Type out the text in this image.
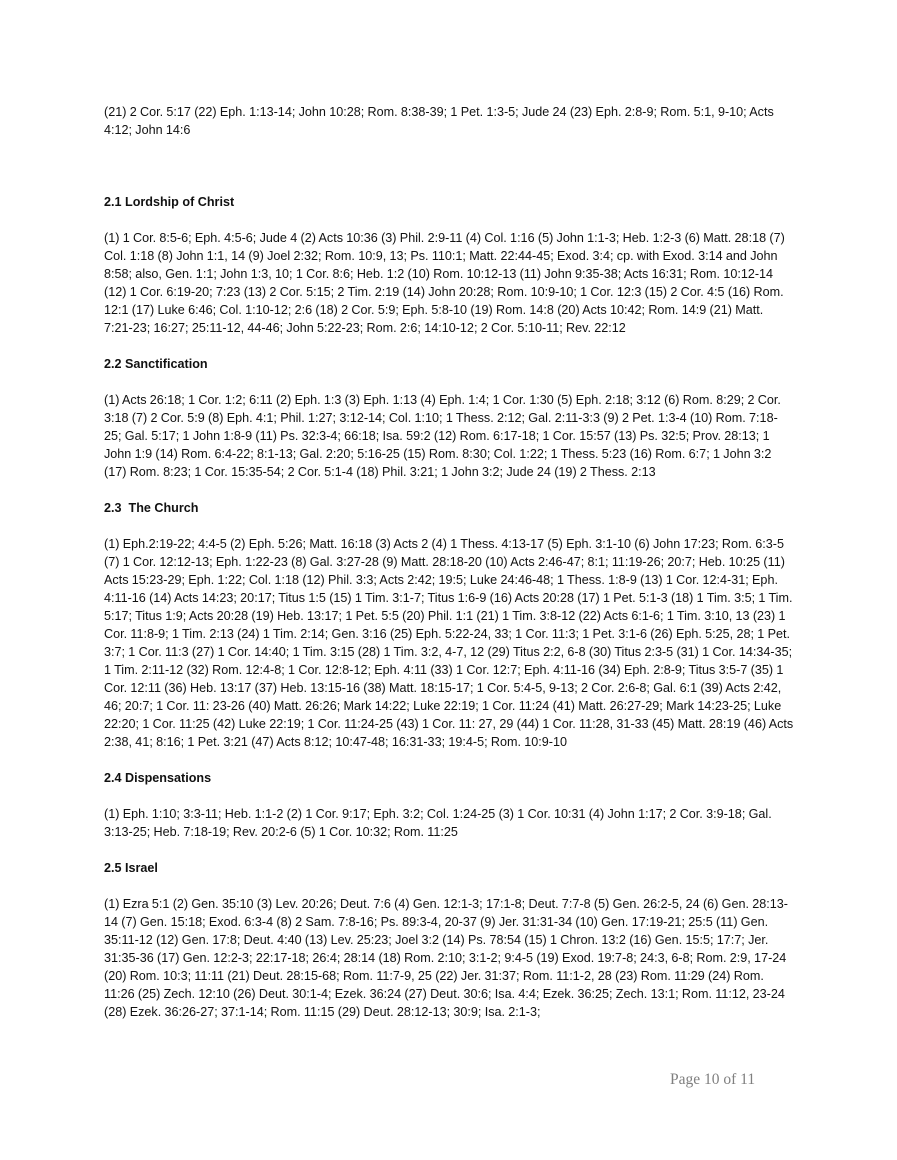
(21) 2 Cor. 5:17 (22) Eph. 1:13-14; John 10:28; Rom. 8:38-39; 1 Pet. 1:3-5; Jude 24 (23) Eph. 2:8-9; Rom. 5:1, 9-10; Acts 4:12; John 14:6

2.1 Lordship of Christ

(1) 1 Cor. 8:5-6; Eph. 4:5-6; Jude 4 (2) Acts 10:36 (3) Phil. 2:9-11 (4) Col. 1:16 (5) John 1:1-3; Heb. 1:2-3 (6) Matt. 28:18 (7) Col. 1:18 (8) John 1:1, 14 (9) Joel 2:32; Rom. 10:9, 13; Ps. 110:1; Matt. 22:44-45; Exod. 3:4; cp. with Exod. 3:14 and John 8:58; also, Gen. 1:1; John 1:3, 10; 1 Cor. 8:6; Heb. 1:2 (10) Rom. 10:12-13 (11) John 9:35-38; Acts 16:31; Rom. 10:12-14 (12) 1 Cor. 6:19-20; 7:23 (13) 2 Cor. 5:15; 2 Tim. 2:19 (14) John 20:28; Rom. 10:9-10; 1 Cor. 12:3 (15) 2 Cor. 4:5 (16) Rom. 12:1 (17) Luke 6:46; Col. 1:10-12; 2:6 (18) 2 Cor. 5:9; Eph. 5:8-10 (19) Rom. 14:8 (20) Acts 10:42; Rom. 14:9 (21) Matt. 7:21-23; 16:27; 25:11-12, 44-46; John 5:22-23; Rom. 2:6; 14:10-12; 2 Cor. 5:10-11; Rev. 22:12

2.2 Sanctification

(1) Acts 26:18; 1 Cor. 1:2; 6:11 (2) Eph. 1:3 (3) Eph. 1:13 (4) Eph. 1:4; 1 Cor. 1:30 (5) Eph. 2:18; 3:12 (6) Rom. 8:29; 2 Cor. 3:18 (7) 2 Cor. 5:9 (8) Eph. 4:1; Phil. 1:27; 3:12-14; Col. 1:10; 1 Thess. 2:12; Gal. 2:11-3:3 (9) 2 Pet. 1:3-4 (10) Rom. 7:18-25; Gal. 5:17; 1 John 1:8-9 (11) Ps. 32:3-4; 66:18; Isa. 59:2 (12) Rom. 6:17-18; 1 Cor. 15:57 (13) Ps. 32:5; Prov. 28:13; 1 John 1:9 (14) Rom. 6:4-22; 8:1-13; Gal. 2:20; 5:16-25 (15) Rom. 8:30; Col. 1:22; 1 Thess. 5:23 (16) Rom. 6:7; 1 John 3:2 (17) Rom. 8:23; 1 Cor. 15:35-54; 2 Cor. 5:1-4 (18) Phil. 3:21; 1 John 3:2; Jude 24 (19) 2 Thess. 2:13

2.3  The Church

(1) Eph.2:19-22; 4:4-5 (2) Eph. 5:26; Matt. 16:18 (3) Acts 2 (4) 1 Thess. 4:13-17 (5) Eph. 3:1-10 (6) John 17:23; Rom. 6:3-5 (7) 1 Cor. 12:12-13; Eph. 1:22-23 (8) Gal. 3:27-28 (9) Matt. 28:18-20 (10) Acts 2:46-47; 8:1; 11:19-26; 20:7; Heb. 10:25 (11) Acts 15:23-29; Eph. 1:22; Col. 1:18 (12) Phil. 3:3; Acts 2:42; 19:5; Luke 24:46-48; 1 Thess. 1:8-9 (13) 1 Cor. 12:4-31; Eph. 4:11-16 (14) Acts 14:23; 20:17; Titus 1:5 (15) 1 Tim. 3:1-7; Titus 1:6-9 (16) Acts 20:28 (17) 1 Pet. 5:1-3 (18) 1 Tim. 3:5; 1 Tim. 5:17; Titus 1:9; Acts 20:28 (19) Heb. 13:17; 1 Pet. 5:5 (20) Phil. 1:1 (21) 1 Tim. 3:8-12 (22) Acts 6:1-6; 1 Tim. 3:10, 13 (23) 1 Cor. 11:8-9; 1 Tim. 2:13 (24) 1 Tim. 2:14; Gen. 3:16 (25) Eph. 5:22-24, 33; 1 Cor. 11:3; 1 Pet. 3:1-6 (26) Eph. 5:25, 28; 1 Pet. 3:7; 1 Cor. 11:3 (27) 1 Cor. 14:40; 1 Tim. 3:15 (28) 1 Tim. 3:2, 4-7, 12 (29) Titus 2:2, 6-8 (30) Titus 2:3-5 (31) 1 Cor. 14:34-35; 1 Tim. 2:11-12 (32) Rom. 12:4-8; 1 Cor. 12:8-12; Eph. 4:11 (33) 1 Cor. 12:7; Eph. 4:11-16 (34) Eph. 2:8-9; Titus 3:5-7 (35) 1 Cor. 12:11 (36) Heb. 13:17 (37) Heb. 13:15-16 (38) Matt. 18:15-17; 1 Cor. 5:4-5, 9-13; 2 Cor. 2:6-8; Gal. 6:1 (39) Acts 2:42, 46; 20:7; 1 Cor. 11: 23-26 (40) Matt. 26:26; Mark 14:22; Luke 22:19; 1 Cor. 11:24 (41) Matt. 26:27-29; Mark 14:23-25; Luke 22:20; 1 Cor. 11:25 (42) Luke 22:19; 1 Cor. 11:24-25 (43) 1 Cor. 11: 27, 29 (44) 1 Cor. 11:28, 31-33 (45) Matt. 28:19 (46) Acts 2:38, 41; 8:16; 1 Pet. 3:21 (47) Acts 8:12; 10:47-48; 16:31-33; 19:4-5; Rom. 10:9-10

2.4 Dispensations

(1) Eph. 1:10; 3:3-11; Heb. 1:1-2 (2) 1 Cor. 9:17; Eph. 3:2; Col. 1:24-25 (3) 1 Cor. 10:31 (4) John 1:17; 2 Cor. 3:9-18; Gal. 3:13-25; Heb. 7:18-19; Rev. 20:2-6 (5) 1 Cor. 10:32; Rom. 11:25

2.5 Israel

(1) Ezra 5:1 (2) Gen. 35:10 (3) Lev. 20:26; Deut. 7:6 (4) Gen. 12:1-3; 17:1-8; Deut. 7:7-8 (5) Gen. 26:2-5, 24 (6) Gen. 28:13-14 (7) Gen. 15:18; Exod. 6:3-4 (8) 2 Sam. 7:8-16; Ps. 89:3-4, 20-37 (9) Jer. 31:31-34 (10) Gen. 17:19-21; 25:5 (11) Gen. 35:11-12 (12) Gen. 17:8; Deut. 4:40 (13) Lev. 25:23; Joel 3:2 (14) Ps. 78:54 (15) 1 Chron. 13:2 (16) Gen. 15:5; 17:7; Jer. 31:35-36 (17) Gen. 12:2-3; 22:17-18; 26:4; 28:14 (18) Rom. 2:10; 3:1-2; 9:4-5 (19) Exod. 19:7-8; 24:3, 6-8; Rom. 2:9, 17-24 (20) Rom. 10:3; 11:11 (21) Deut. 28:15-68; Rom. 11:7-9, 25 (22) Jer. 31:37; Rom. 11:1-2, 28 (23) Rom. 11:29 (24) Rom. 11:26 (25) Zech. 12:10 (26) Deut. 30:1-4; Ezek. 36:24 (27) Deut. 30:6; Isa. 4:4; Ezek. 36:25; Zech. 13:1; Rom. 11:12, 23-24 (28) Ezek. 36:26-27; 37:1-14; Rom. 11:15 (29) Deut. 28:12-13; 30:9; Isa. 2:1-3;

Page 10 of 11
